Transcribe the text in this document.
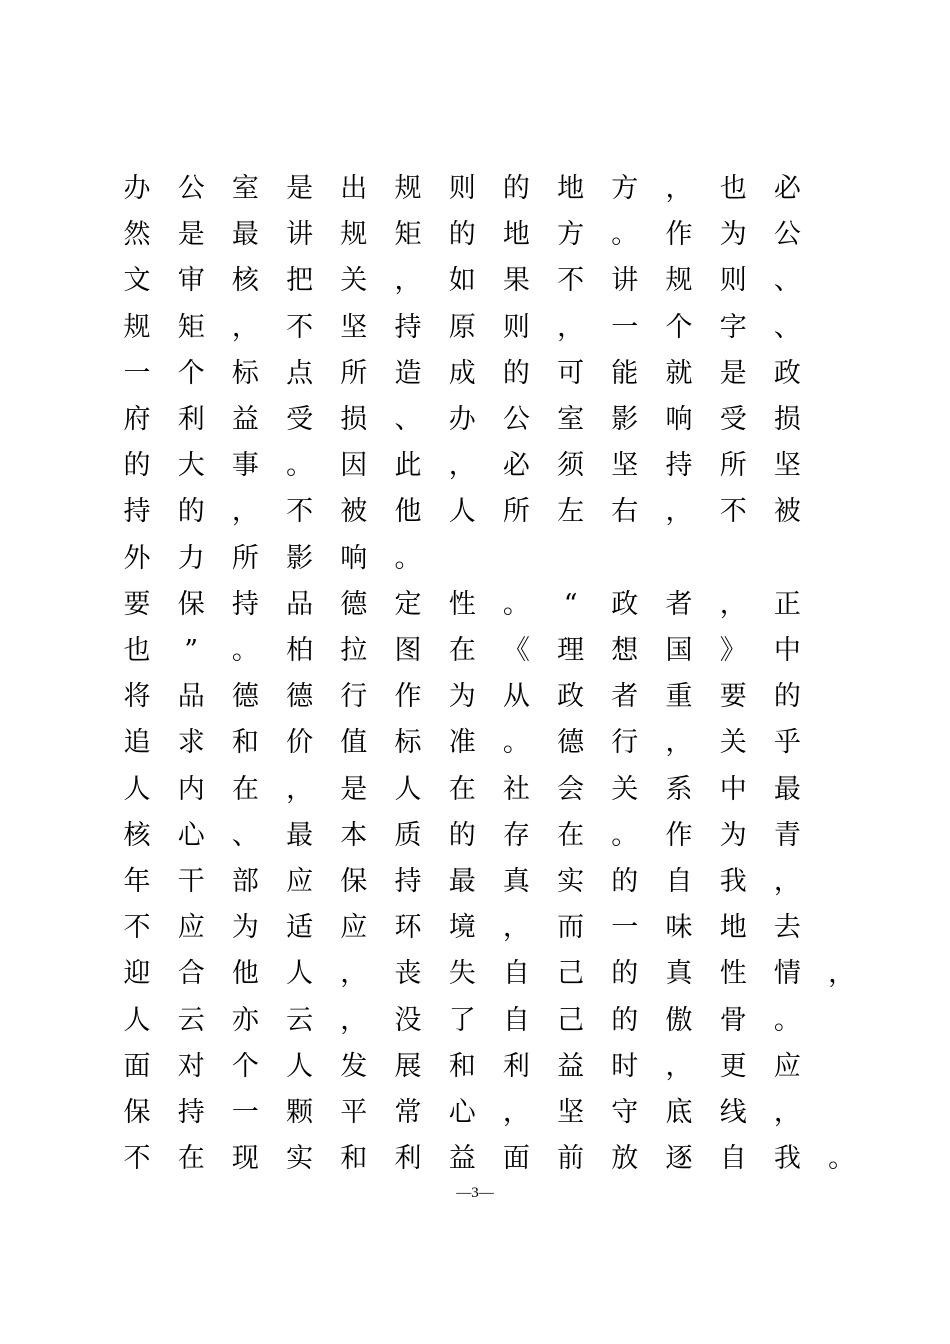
办 公 室 是 出 规 则 的 地 方 ， 也 必
然 是 最 讲 规 矩 的 地 方 。 作 为 公
文 审 核 把 关 ， 如 果 不 讲 规 则 、
规 矩 ， 不 坚 持 原 则 ， 一 个 字 、
一 个 标 点 所 造 成 的 可 能 就 是 政
府 利 益 受 损 、 办 公 室 影 响 受 损
的 大 事 。 因 此 ， 必 须 坚 持 所 坚
持 的 ， 不 被 他 人 所 左 右 ， 不 被
外 力 所 影 响 。
要 保 持 品 德 定 性 。	“	政 者 ， 正
也	”	。 柏 拉 图 在 《 理 想 国 》 中
将 品 德 德 行 作 为 从 政 者 重 要 的
追 求 和 价 值 标 准 。 德 行 ， 关 乎
人 内 在 ， 是 人 在 社 会 关 系 中 最
核 心 、 最 本 质 的 存 在 。 作 为 青
年 干 部 应 保 持 最 真 实 的 自 我 ，
不 应 为 适 应 环 境 ， 而 一 味 地 去
迎 合 他 人 ， 丧 失 自 己 的 真 性 情 ，
人 云 亦 云 ， 没 了 自 己 的 傲 骨 。
面 对 个 人 发 展 和 利 益 时 ， 更 应
保 持 一 颗 平 常 心 ， 坚 守 底 线 ，
不 在 现 实 和 利 益 面 前 放 逐 自 我 。
—3—
